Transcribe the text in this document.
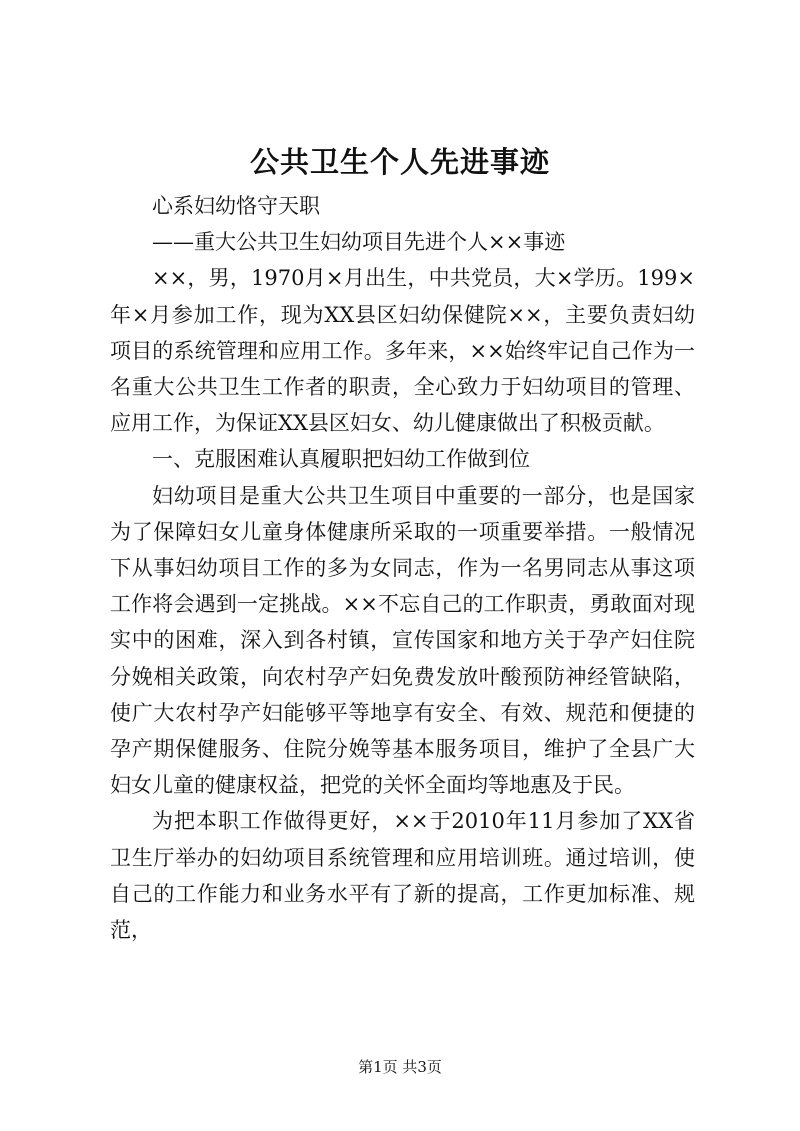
公共卫生个人先进事迹

心系妇幼恪守天职

——重大公共卫生妇幼项目先进个人××事迹

××，男，1970月×月出生，中共党员，大×学历。199×年×月参加工作，现为XX县区妇幼保健院××，主要负责妇幼项目的系统管理和应用工作。多年来，××始终牢记自己作为一名重大公共卫生工作者的职责，全心致力于妇幼项目的管理、应用工作，为保证XX县区妇女、幼儿健康做出了积极贡献。

一、克服困难认真履职把妇幼工作做到位

妇幼项目是重大公共卫生项目中重要的一部分，也是国家为了保障妇女儿童身体健康所采取的一项重要举措。一般情况下从事妇幼项目工作的多为女同志，作为一名男同志从事这项工作将会遇到一定挑战。××不忘自己的工作职责，勇敢面对现实中的困难，深入到各村镇，宣传国家和地方关于孕产妇住院分娩相关政策，向农村孕产妇免费发放叶酸预防神经管缺陷，使广大农村孕产妇能够平等地享有安全、有效、规范和便捷的孕产期保健服务、住院分娩等基本服务项目，维护了全县广大妇女儿童的健康权益，把党的关怀全面均等地惠及于民。

为把本职工作做得更好，××于2010年11月参加了XX省卫生厅举办的妇幼项目系统管理和应用培训班。通过培训，使自己的工作能力和业务水平有了新的提高，工作更加标准、规范，

第1页 共3页
